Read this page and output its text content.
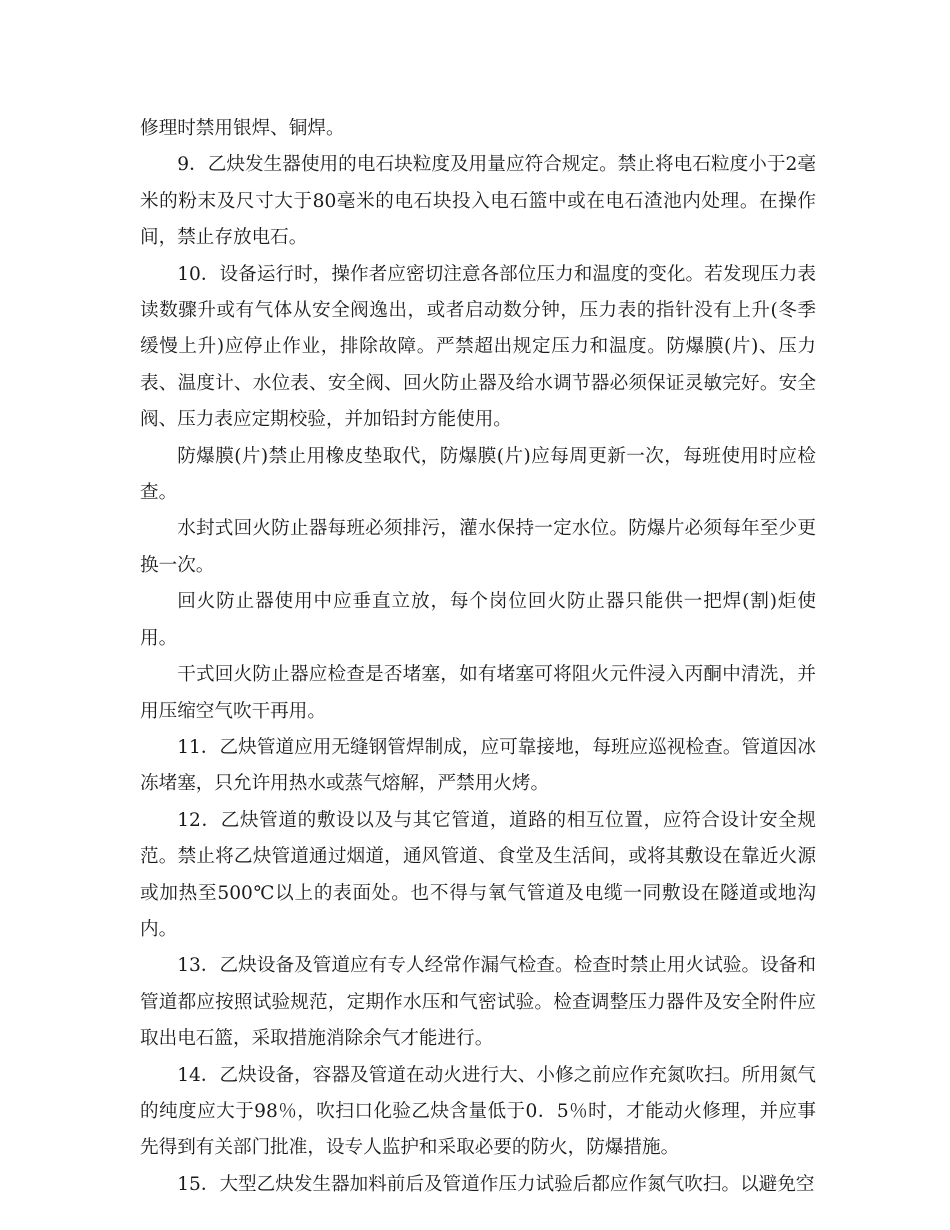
修理时禁用银焊、铜焊。

9．乙炔发生器使用的电石块粒度及用量应符合规定。禁止将电石粒度小于2毫米的粉末及尺寸大于80毫米的电石块投入电石篮中或在电石渣池内处理。在操作间，禁止存放电石。

10．设备运行时，操作者应密切注意各部位压力和温度的变化。若发现压力表读数骤升或有气体从安全阀逸出，或者启动数分钟，压力表的指针没有上升(冬季缓慢上升)应停止作业，排除故障。严禁超出规定压力和温度。防爆膜(片)、压力表、温度计、水位表、安全阀、回火防止器及给水调节器必须保证灵敏完好。安全阀、压力表应定期校验，并加铅封方能使用。

防爆膜(片)禁止用橡皮垫取代，防爆膜(片)应每周更新一次，每班使用时应检查。

水封式回火防止器每班必须排污，灌水保持一定水位。防爆片必须每年至少更换一次。

回火防止器使用中应垂直立放，每个岗位回火防止器只能供一把焊(割)炬使用。

干式回火防止器应检查是否堵塞，如有堵塞可将阻火元件浸入丙酮中清洗，并用压缩空气吹干再用。

11．乙炔管道应用无缝钢管焊制成，应可靠接地，每班应巡视检查。管道因冰冻堵塞，只允许用热水或蒸气熔解，严禁用火烤。

12．乙炔管道的敷设以及与其它管道，道路的相互位置，应符合设计安全规范。禁止将乙炔管道通过烟道，通风管道、食堂及生活间，或将其敷设在靠近火源或加热至500℃以上的表面处。也不得与氧气管道及电缆一同敷设在隧道或地沟内。

13．乙炔设备及管道应有专人经常作漏气检查。检查时禁止用火试验。设备和管道都应按照试验规范，定期作水压和气密试验。检查调整压力器件及安全附件应取出电石篮，采取措施消除余气才能进行。

14．乙炔设备，容器及管道在动火进行大、小修之前应作充氮吹扫。所用氮气的纯度应大于98％，吹扫口化验乙炔含量低于0．5％时，才能动火修理，并应事先得到有关部门批准，设专人监护和采取必要的防火，防爆措施。

15．大型乙炔发生器加料前后及管道作压力试验后都应作氮气吹扫。以避免空
